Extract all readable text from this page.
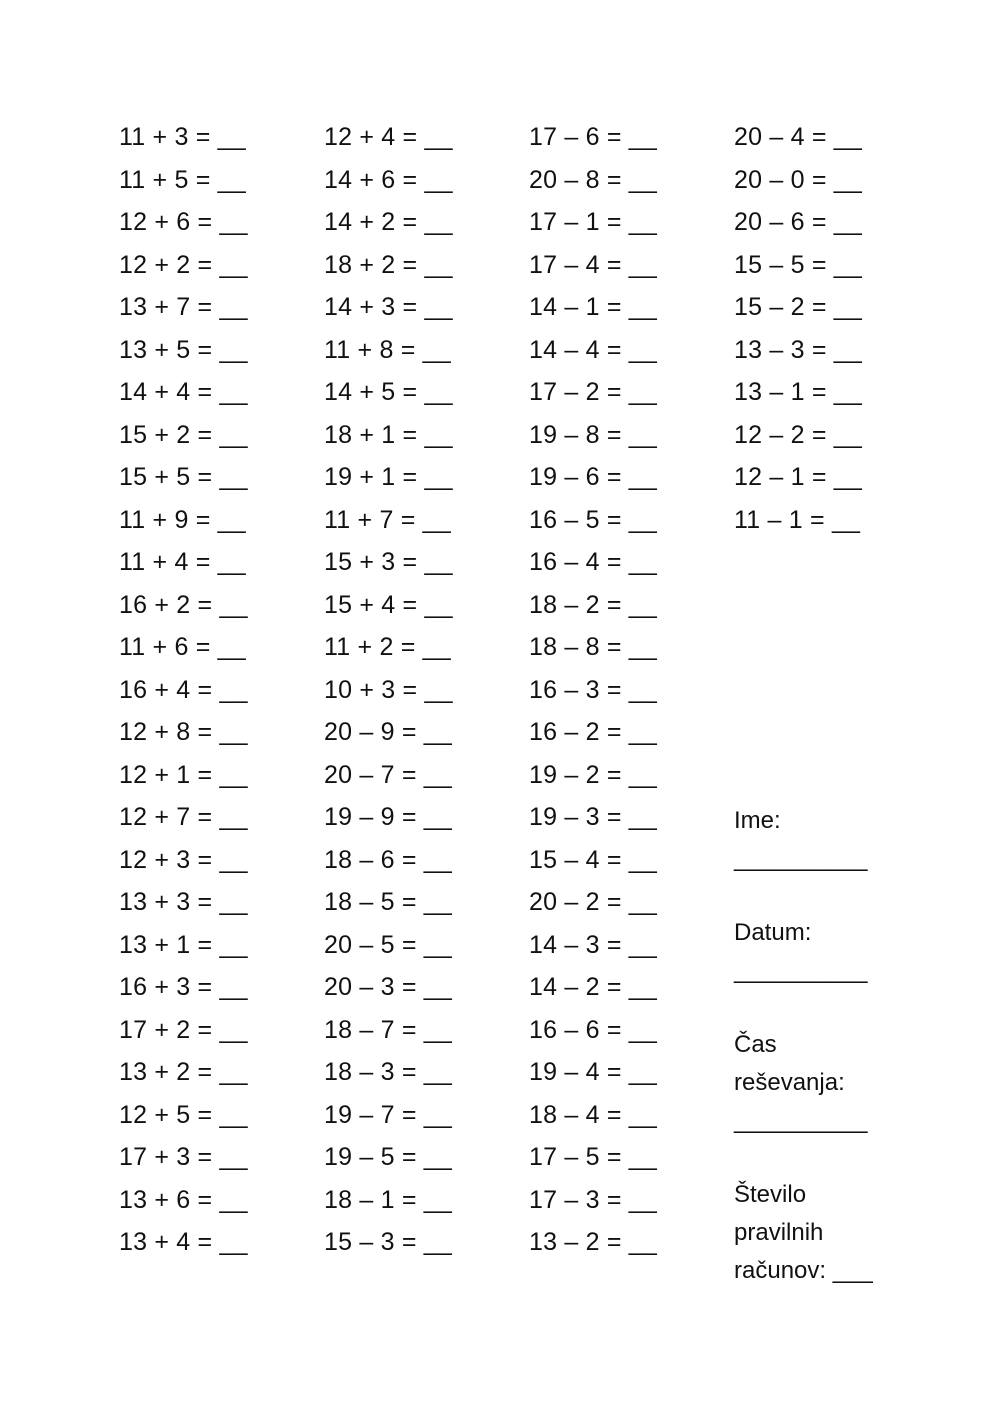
11 + 3 = __
11 + 5 = __
12 + 6 = __
12 + 2 = __
13 + 7 = __
13 + 5 = __
14 + 4 = __
15 + 2 = __
15 + 5 = __
11 + 9 = __
11 + 4 = __
16 + 2 = __
11 + 6 = __
16 + 4 = __
12 + 8 = __
12 + 1 = __
12 + 7 = __
12 + 3 = __
13 + 3 = __
13 + 1 = __
16 + 3 = __
17 + 2 = __
13 + 2 = __
12 + 5 = __
17 + 3 = __
13 + 6 = __
13 + 4 = __
12 + 4 = __
14 + 6 = __
14 + 2 = __
18 + 2 = __
14 + 3 = __
11 + 8 = __
14 + 5 = __
18 + 1 = __
19 + 1 = __
11 + 7 = __
15 + 3 = __
15 + 4 = __
11 + 2 = __
10 + 3 = __
20 – 9 = __
20 – 7 = __
19 – 9 = __
18 – 6 = __
18 – 5 = __
20 – 5 = __
20 – 3 = __
18 – 7 = __
18 – 3 = __
19 – 7 = __
19 – 5 = __
18 – 1 = __
15 – 3 = __
17 – 6 = __
20 – 8 = __
17 – 1 = __
17 – 4 = __
14 – 1 = __
14 – 4 = __
17 – 2 = __
19 – 8 = __
19 – 6 = __
16 – 5 = __
16 – 4 = __
18 – 2 = __
18 – 8 = __
16 – 3 = __
16 – 2 = __
19 – 2 = __
19 – 3 = __
15 – 4 = __
20 – 2 = __
14 – 3 = __
14 – 2 = __
16 – 6 = __
19 – 4 = __
18 – 4 = __
17 – 5 = __
17 – 3 = __
13 – 2 = __
20 – 4 = __
20 – 0 = __
20 – 6 = __
15 – 5 = __
15 – 2 = __
13 – 3 = __
13 – 1 = __
12 – 2 = __
12 – 1 = __
11 – 1 = __
Ime:
__________
Datum:
__________
Čas
reševanja:
__________
Število
pravilnih
računov: ___
